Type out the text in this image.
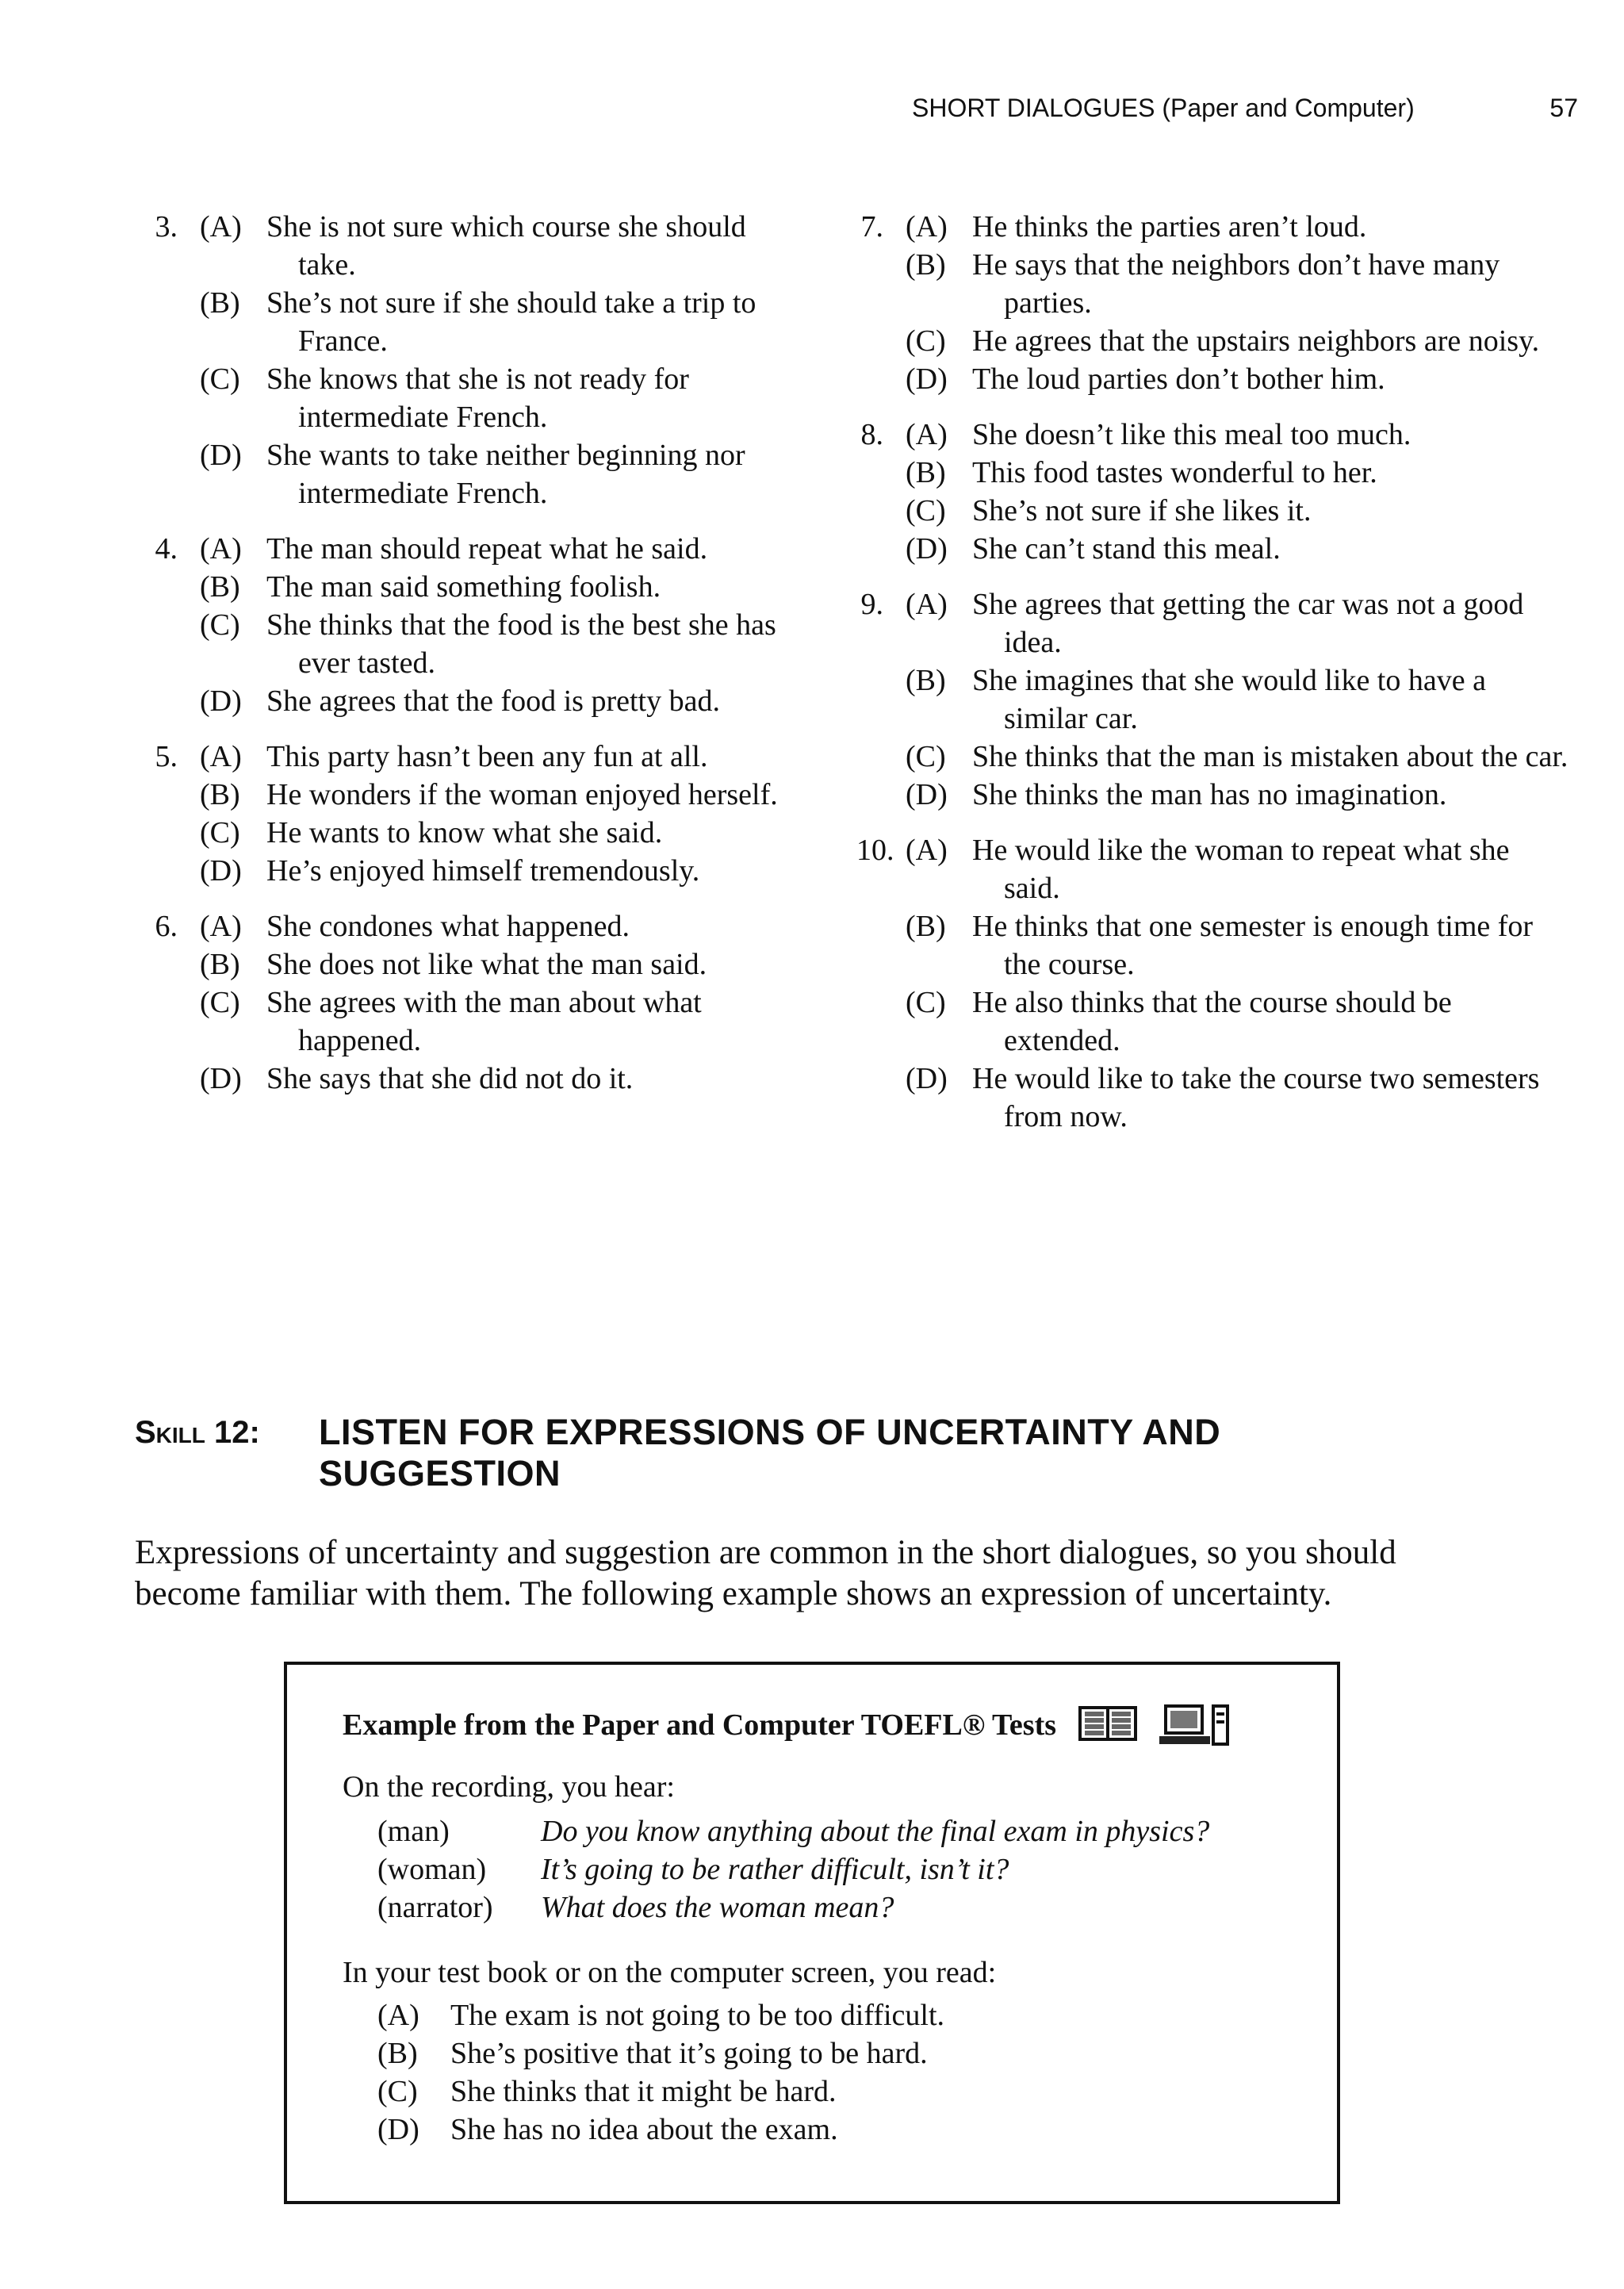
SHORT DIALOGUES (Paper and Computer)	57
3. (A) She is not sure which course she should take.
(B) She’s not sure if she should take a trip to France.
(C) She knows that she is not ready for intermediate French.
(D) She wants to take neither beginning nor intermediate French.
4. (A) The man should repeat what he said.
(B) The man said something foolish.
(C) She thinks that the food is the best she has ever tasted.
(D) She agrees that the food is pretty bad.
5. (A) This party hasn’t been any fun at all.
(B) He wonders if the woman enjoyed herself.
(C) He wants to know what she said.
(D) He’s enjoyed himself tremendously.
6. (A) She condones what happened.
(B) She does not like what the man said.
(C) She agrees with the man about what happened.
(D) She says that she did not do it.
7. (A) He thinks the parties aren’t loud.
(B) He says that the neighbors don’t have many parties.
(C) He agrees that the upstairs neighbors are noisy.
(D) The loud parties don’t bother him.
8. (A) She doesn’t like this meal too much.
(B) This food tastes wonderful to her.
(C) She’s not sure if she likes it.
(D) She can’t stand this meal.
9. (A) She agrees that getting the car was not a good idea.
(B) She imagines that she would like to have a similar car.
(C) She thinks that the man is mistaken about the car.
(D) She thinks the man has no imagination.
10. (A) He would like the woman to repeat what she said.
(B) He thinks that one semester is enough time for the course.
(C) He also thinks that the course should be extended.
(D) He would like to take the course two semesters from now.
Skill 12:	LISTEN FOR EXPRESSIONS OF UNCERTAINTY AND
SUGGESTION

Expressions of uncertainty and suggestion are common in the short dialogues, so you should become familiar with them. The following example shows an expression of uncertainty.

Example from the Paper and Computer TOEFL® Tests
On the recording, you hear:
(man)	Do you know anything about the final exam in physics?
(woman)	It’s going to be rather difficult, isn’t it?
(narrator)	What does the woman mean?
In your test book or on the computer screen, you read:
(A)	The exam is not going to be too difficult.
(B)	She’s positive that it’s going to be hard.
(C)	She thinks that it might be hard.
(D)	She has no idea about the exam.
